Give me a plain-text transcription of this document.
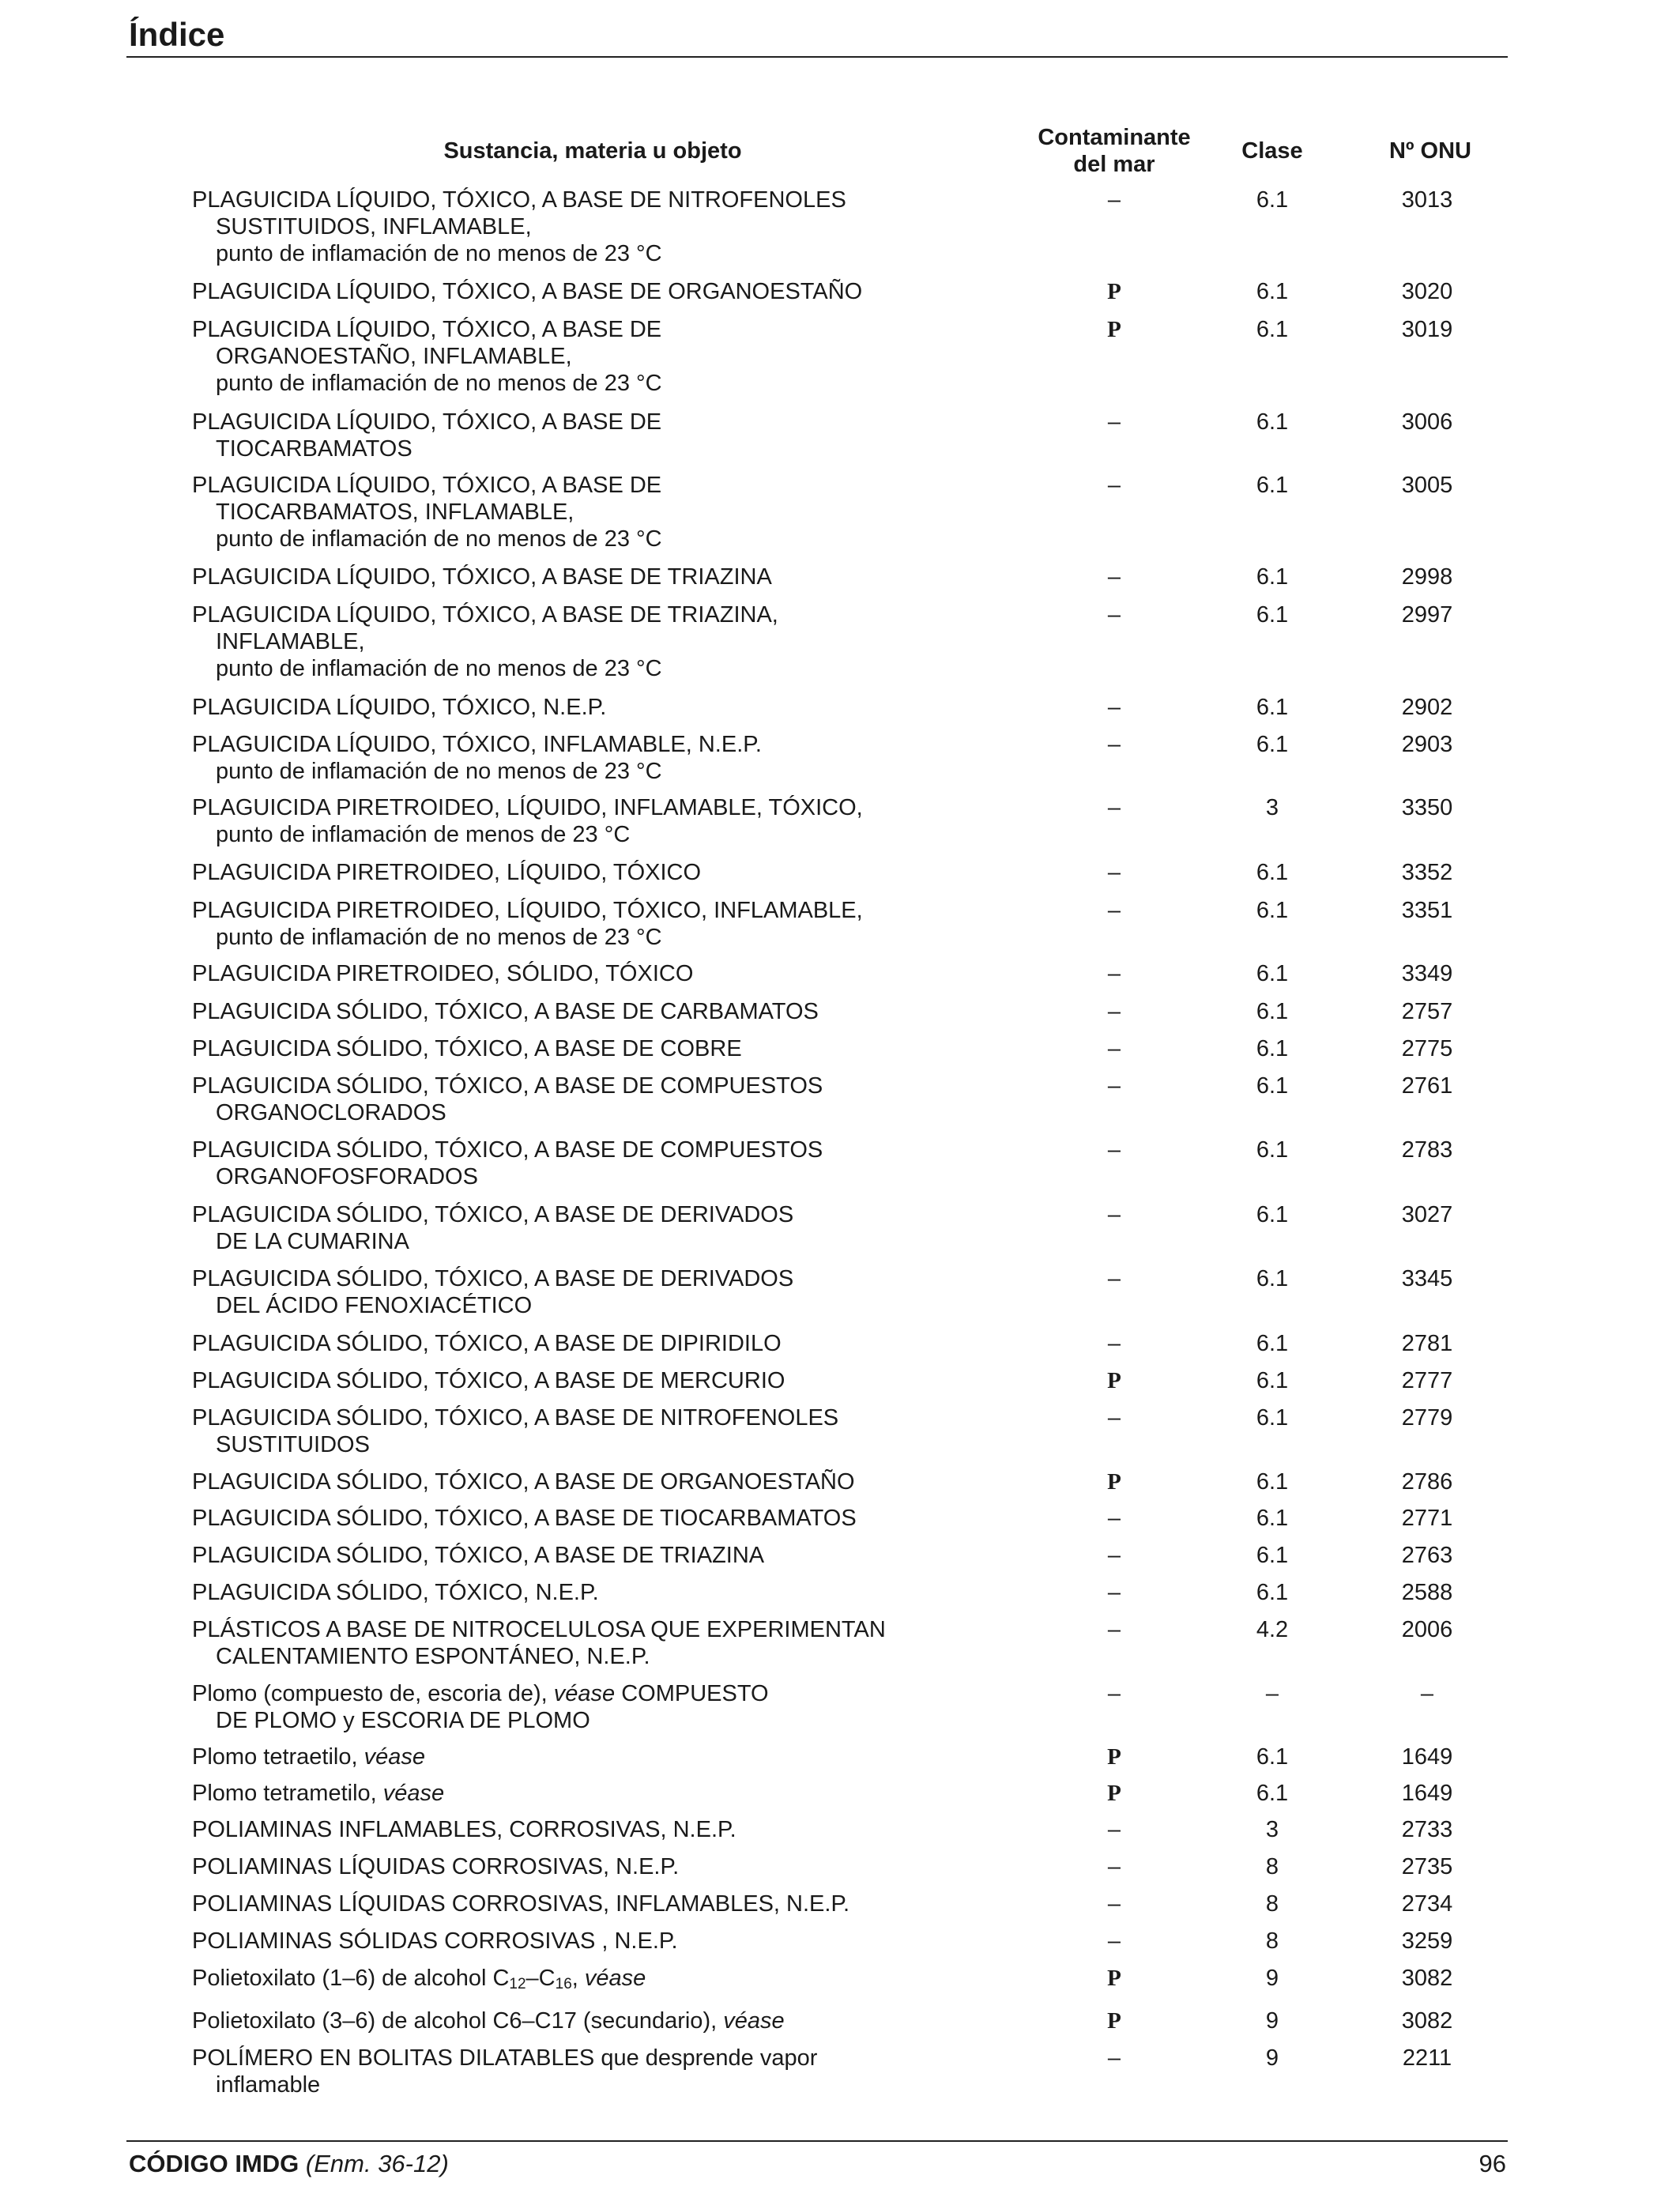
Índice
Sustancia, materia u objeto
Contaminante
del mar
Clase	Nº ONU
PLAGUICIDA LÍQUIDO, TÓXICO, A BASE DE NITROFENOLES
SUSTITUIDOS, INFLAMABLE,
punto de inflamación de no menos de 23 °C
–	6.1	3013
PLAGUICIDA LÍQUIDO, TÓXICO, A BASE DE ORGANOESTAÑO	P	6.1	3020
PLAGUICIDA LÍQUIDO, TÓXICO, A BASE DE
ORGANOESTAÑO, INFLAMABLE,
punto de inflamación de no menos de 23 °C
P	6.1	3019
PLAGUICIDA LÍQUIDO, TÓXICO, A BASE DE
TIOCARBAMATOS
–	6.1	3006
PLAGUICIDA LÍQUIDO, TÓXICO, A BASE DE
TIOCARBAMATOS, INFLAMABLE,
punto de inflamación de no menos de 23 °C
–	6.1	3005
PLAGUICIDA LÍQUIDO, TÓXICO, A BASE DE TRIAZINA	–	6.1	2998
PLAGUICIDA LÍQUIDO, TÓXICO, A BASE DE TRIAZINA,
INFLAMABLE,
punto de inflamación de no menos de 23 °C
–	6.1	2997
PLAGUICIDA LÍQUIDO, TÓXICO, N.E.P.	–	6.1	2902
PLAGUICIDA LÍQUIDO, TÓXICO, INFLAMABLE, N.E.P.
punto de inflamación de no menos de 23 °C
–	6.1	2903
PLAGUICIDA PIRETROIDEO, LÍQUIDO, INFLAMABLE, TÓXICO,
punto de inflamación de menos de 23 °C
–	3	3350
PLAGUICIDA PIRETROIDEO, LÍQUIDO, TÓXICO	–	6.1	3352
PLAGUICIDA PIRETROIDEO, LÍQUIDO, TÓXICO, INFLAMABLE,
punto de inflamación de no menos de 23 °C
–	6.1	3351
PLAGUICIDA PIRETROIDEO, SÓLIDO, TÓXICO	–	6.1	3349
PLAGUICIDA SÓLIDO, TÓXICO, A BASE DE CARBAMATOS	–	6.1	2757
PLAGUICIDA SÓLIDO, TÓXICO, A BASE DE COBRE	–	6.1	2775
PLAGUICIDA SÓLIDO, TÓXICO, A BASE DE COMPUESTOS
ORGANOCLORADOS
–	6.1	2761
PLAGUICIDA SÓLIDO, TÓXICO, A BASE DE COMPUESTOS
ORGANOFOSFORADOS
–	6.1	2783
PLAGUICIDA SÓLIDO, TÓXICO, A BASE DE DERIVADOS
DE LA CUMARINA
–	6.1	3027
PLAGUICIDA SÓLIDO, TÓXICO, A BASE DE DERIVADOS
DEL ÁCIDO FENOXIACÉTICO
–	6.1	3345
PLAGUICIDA SÓLIDO, TÓXICO, A BASE DE DIPIRIDILO	–	6.1	2781
PLAGUICIDA SÓLIDO, TÓXICO, A BASE DE MERCURIO	P	6.1	2777
PLAGUICIDA SÓLIDO, TÓXICO, A BASE DE NITROFENOLES
SUSTITUIDOS
–	6.1	2779
PLAGUICIDA SÓLIDO, TÓXICO, A BASE DE ORGANOESTAÑO	P	6.1	2786
PLAGUICIDA SÓLIDO, TÓXICO, A BASE DE TIOCARBAMATOS	–	6.1	2771
PLAGUICIDA SÓLIDO, TÓXICO, A BASE DE TRIAZINA	–	6.1	2763
PLAGUICIDA SÓLIDO, TÓXICO, N.E.P.	–	6.1	2588
PLÁSTICOS A BASE DE NITROCELULOSA QUE EXPERIMENTAN
CALENTAMIENTO ESPONTÁNEO, N.E.P.
–	4.2	2006
Plomo (compuesto de, escoria de), véase COMPUESTO
DE PLOMO y ESCORIA DE PLOMO
–	–	–
Plomo tetraetilo, véase	P	6.1	1649
Plomo tetrametilo, véase	P	6.1	1649
POLIAMINAS INFLAMABLES, CORROSIVAS, N.E.P.	–	3	2733
POLIAMINAS LÍQUIDAS CORROSIVAS, N.E.P.	–	8	2735
POLIAMINAS LÍQUIDAS CORROSIVAS, INFLAMABLES, N.E.P.	–	8	2734
POLIAMINAS SÓLIDAS CORROSIVAS , N.E.P.	–	8	3259
Polietoxilato (1–6) de alcohol $C_{12}-C_{16}$, véase	P	9	3082
Polietoxilato (3–6) de alcohol C6–C17 (secundario), véase	P	9	3082
POLÍMERO EN BOLITAS DILATABLES que desprende vapor
inflamable
–	9	2211
CÓDIGO IMDG (Enm. 36-12)	96
